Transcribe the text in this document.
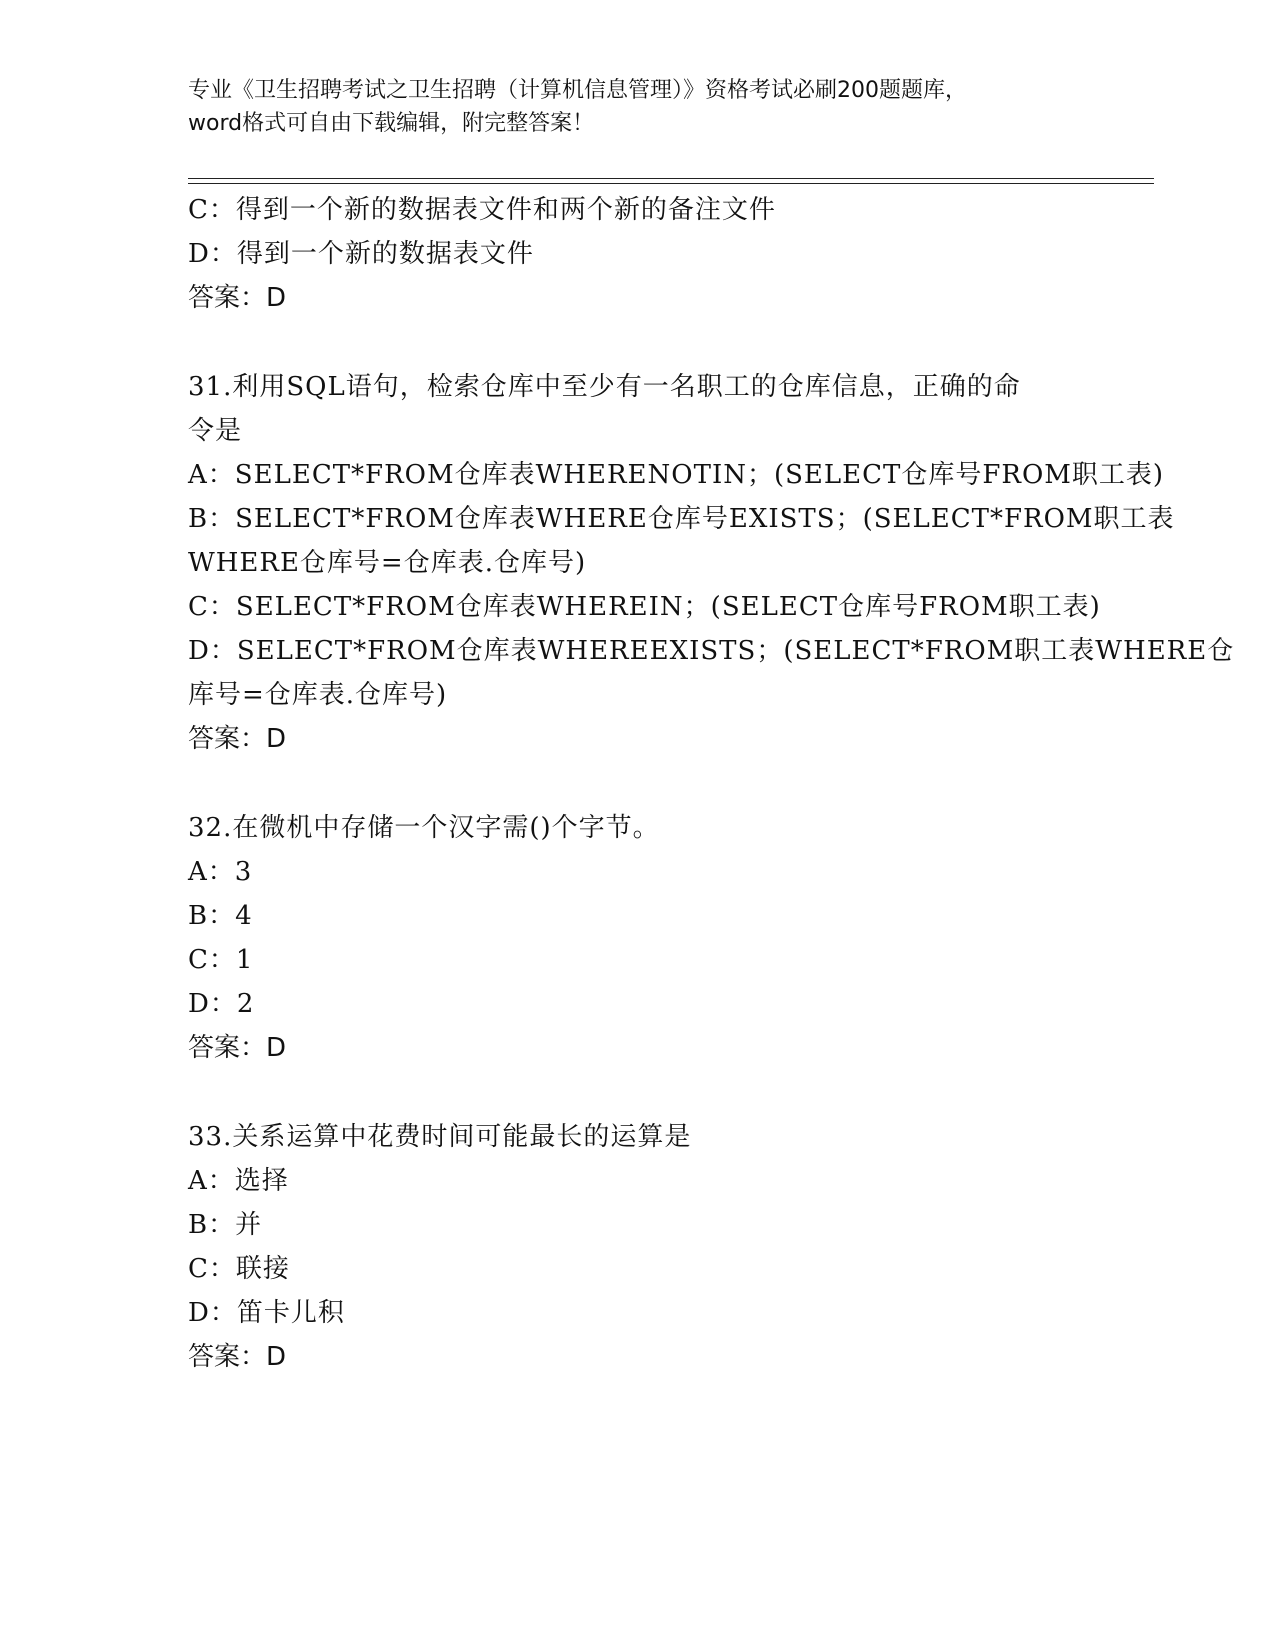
专业《卫生招聘考试之卫生招聘（计算机信息管理）》资格考试必刷200题题库，
word格式可自由下载编辑，附完整答案！
C：得到一个新的数据表文件和两个新的备注文件
D：得到一个新的数据表文件
答案：D
31.利用SQL语句，检索仓库中至少有一名职工的仓库信息，正确的命
令是
A：SELECT*FROM仓库表WHERENOTIN；(SELECT仓库号FROM职工表)
B：SELECT*FROM仓库表WHERE仓库号EXISTS；(SELECT*FROM职工表
WHERE仓库号=仓库表.仓库号)
C：SELECT*FROM仓库表WHEREIN；(SELECT仓库号FROM职工表)
D：SELECT*FROM仓库表WHEREEXISTS；(SELECT*FROM职工表WHERE仓
库号=仓库表.仓库号)
答案：D
32.在微机中存储一个汉字需()个字节。
A：3
B：4
C：1
D：2
答案：D
33.关系运算中花费时间可能最长的运算是
A：选择
B：并
C：联接
D：笛卡儿积
答案：D
